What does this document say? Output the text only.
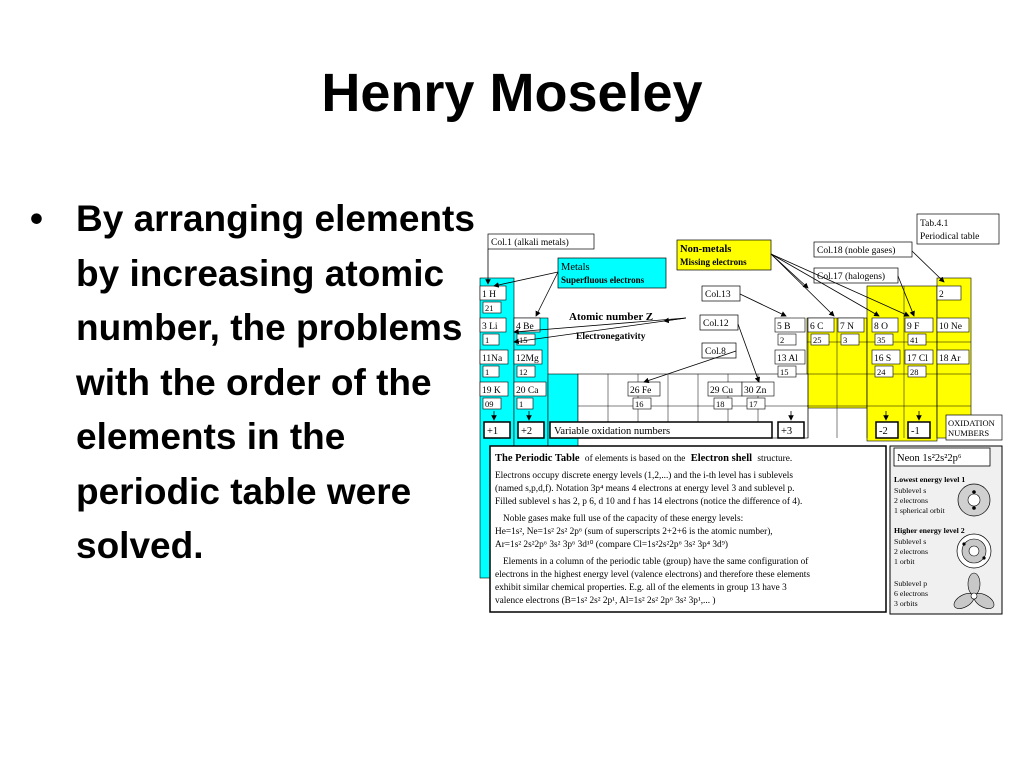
Henry Moseley
• By arranging elements by increasing atomic number, the problems with the order of the elements in the periodic table were solved.
1 H
21
2
3 Li
1
4 Be
15
5 B
2
6 C
25
7 N
3
8 O
35
9 F
41
10 Ne
11Na
1
12Mg
12
13 Al
15
16 S
24
17 Cl
28
18 Ar
19 K
09
20 Ca
1
26 Fe
16
29 Cu
18
30 Zn
17
Tab.4.1
Periodical table
Col.1 (alkali metals)
Col.18 (noble gases)
Col.17 (halogens)
Metals
Superfluous electrons
Non-metals
Missing electrons
Col.13
Col.12
Col.8
Atomic number Z
Electronegativity
OXIDATION
NUMBERS
+1 +2 Variable oxidation numbers	+3	-2 -1
The Periodic Table of elements is based on the Electron shell structure.
Electrons occupy discrete energy levels (1,2,...) and the i-th level has i sublevels
(named s,p,d,f). Notation 3p⁴ means 4 electrons at energy level 3 and sublevel p.
Filled sublevel s has 2, p 6, d 10 and f has 14 electrons (notice the difference of 4).
Noble gases make full use of the capacity of these energy levels:
He=1s², Ne=1s² 2s² 2p⁶ (sum of superscripts 2+2+6 is the atomic number),
Ar=1s² 2s²2p⁶ 3s² 3p⁶ 3d¹⁰ (compare Cl=1s²2s²2p⁶ 3s² 3p⁴ 3d⁹)
Elements in a column of the periodic table (group) have the same configuration of
electrons in the highest energy level (valence electrons) and therefore these elements
exhibit similar chemical properties. E.g. all of the elements in group 13 have 3
valence electrons (B=1s² 2s² 2p¹, Al=1s² 2s² 2p⁶ 3s² 3p¹,... )
Neon 1s²2s²2p⁶
Lowest energy level 1
Sublevel s
2 electrons
1 spherical orbit
Higher energy level 2
Sublevel s
2 electrons
1 orbit
Sublevel p
6 electrons
3 orbits
